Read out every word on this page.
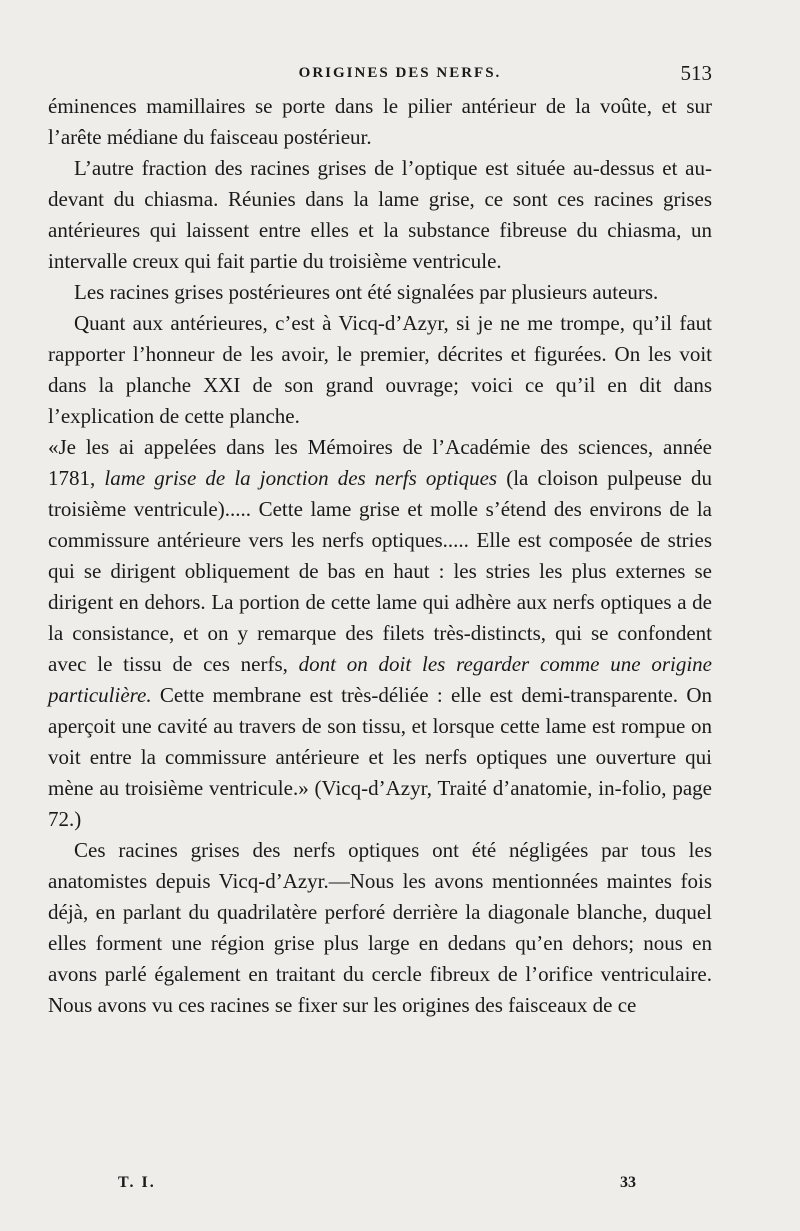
ORIGINES DES NERFS.	513

éminences mamillaires se porte dans le pilier antérieur de la voûte, et sur l’arête médiane du faisceau postérieur.

L’autre fraction des racines grises de l’optique est située au-dessus et au-devant du chiasma. Réunies dans la lame grise, ce sont ces racines grises antérieures qui laissent entre elles et la substance fibreuse du chiasma, un intervalle creux qui fait partie du troisième ventricule.

Les racines grises postérieures ont été signalées par plusieurs auteurs.

Quant aux antérieures, c’est à Vicq-d’Azyr, si je ne me trompe, qu’il faut rapporter l’honneur de les avoir, le premier, décrites et figurées. On les voit dans la planche XXI de son grand ouvrage; voici ce qu’il en dit dans l’explication de cette planche.

«Je les ai appelées dans les Mémoires de l’Académie des sciences, année 1781, lame grise de la jonction des nerfs optiques (la cloison pulpeuse du troisième ventricule)..... Cette lame grise et molle s’étend des environs de la commissure antérieure vers les nerfs optiques..... Elle est composée de stries qui se dirigent obliquement de bas en haut : les stries les plus externes se dirigent en dehors. La portion de cette lame qui adhère aux nerfs optiques a de la consistance, et on y remarque des filets très-distincts, qui se confondent avec le tissu de ces nerfs, dont on doit les regarder comme une origine particulière. Cette membrane est très-déliée : elle est demi-transparente. On aperçoit une cavité au travers de son tissu, et lorsque cette lame est rompue on voit entre la commissure antérieure et les nerfs optiques une ouverture qui mène au troisième ventricule.» (Vicq-d’Azyr, Traité d’anatomie, in-folio, page 72.)

Ces racines grises des nerfs optiques ont été négligées par tous les anatomistes depuis Vicq-d’Azyr.—Nous les avons mentionnées maintes fois déjà, en parlant du quadrilatère perforé derrière la diagonale blanche, duquel elles forment une région grise plus large en dedans qu’en dehors; nous en avons parlé également en traitant du cercle fibreux de l’orifice ventriculaire. Nous avons vu ces racines se fixer sur les origines des faisceaux de ce

T. I.	33
